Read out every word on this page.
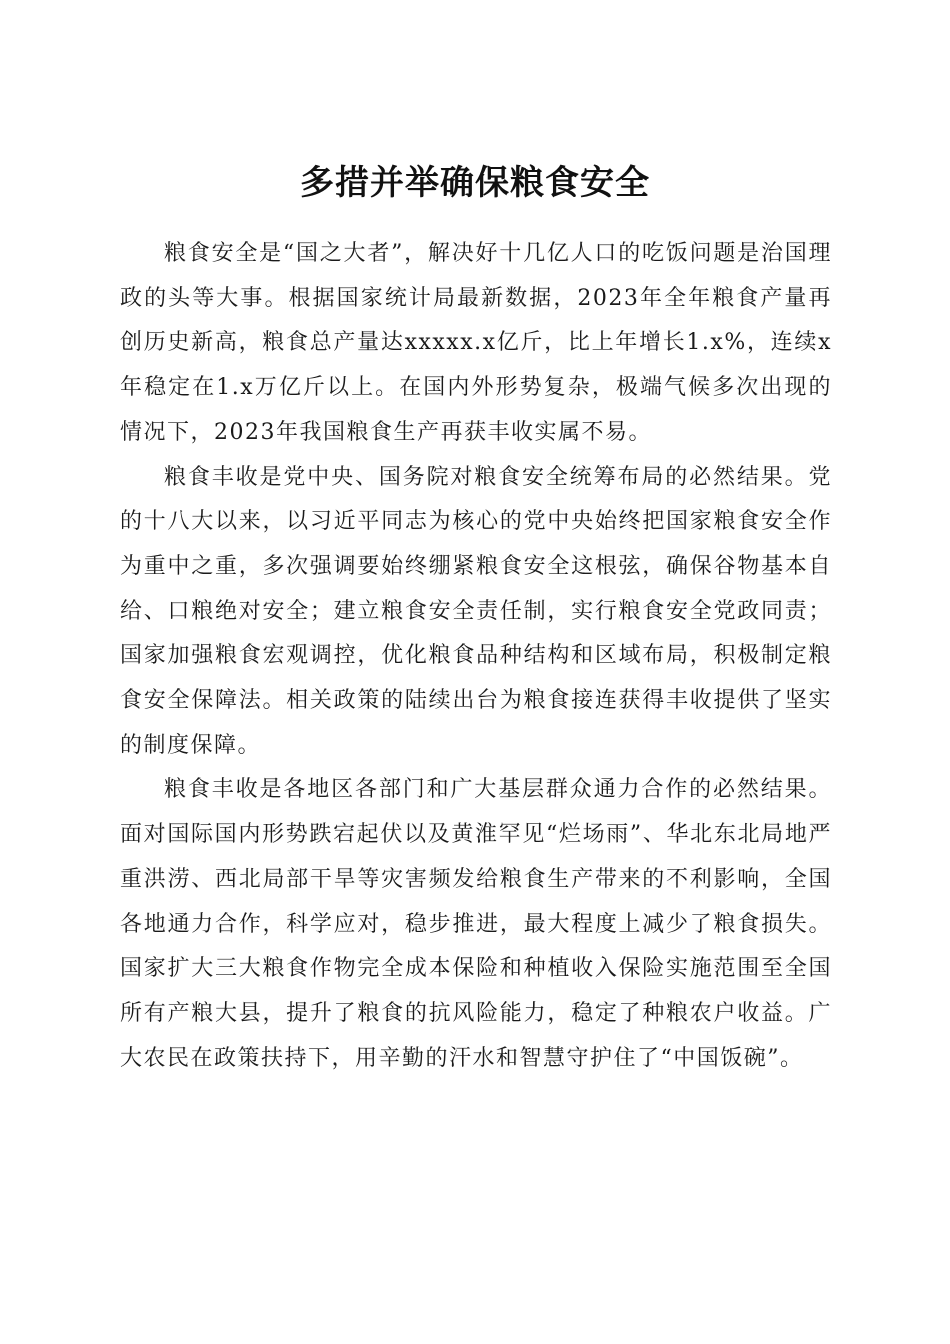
多措并举确保粮食安全

粮食安全是“国之大者”，解决好十几亿人口的吃饭问题是治国理政的头等大事。根据国家统计局最新数据，2023年全年粮食产量再创历史新高，粮食总产量达xxxxx.x亿斤，比上年增长1.x%，连续x年稳定在1.x万亿斤以上。在国内外形势复杂，极端气候多次出现的情况下，2023年我国粮食生产再获丰收实属不易。

粮食丰收是党中央、国务院对粮食安全统筹布局的必然结果。党的十八大以来，以习近平同志为核心的党中央始终把国家粮食安全作为重中之重，多次强调要始终绷紧粮食安全这根弦，确保谷物基本自给、口粮绝对安全；建立粮食安全责任制，实行粮食安全党政同责；国家加强粮食宏观调控，优化粮食品种结构和区域布局，积极制定粮食安全保障法。相关政策的陆续出台为粮食接连获得丰收提供了坚实的制度保障。

粮食丰收是各地区各部门和广大基层群众通力合作的必然结果。面对国际国内形势跌宕起伏以及黄淮罕见“烂场雨”、华北东北局地严重洪涝、西北局部干旱等灾害频发给粮食生产带来的不利影响，全国各地通力合作，科学应对，稳步推进，最大程度上减少了粮食损失。国家扩大三大粮食作物完全成本保险和种植收入保险实施范围至全国所有产粮大县，提升了粮食的抗风险能力，稳定了种粮农户收益。广大农民在政策扶持下，用辛勤的汗水和智慧守护住了“中国饭碗”。
